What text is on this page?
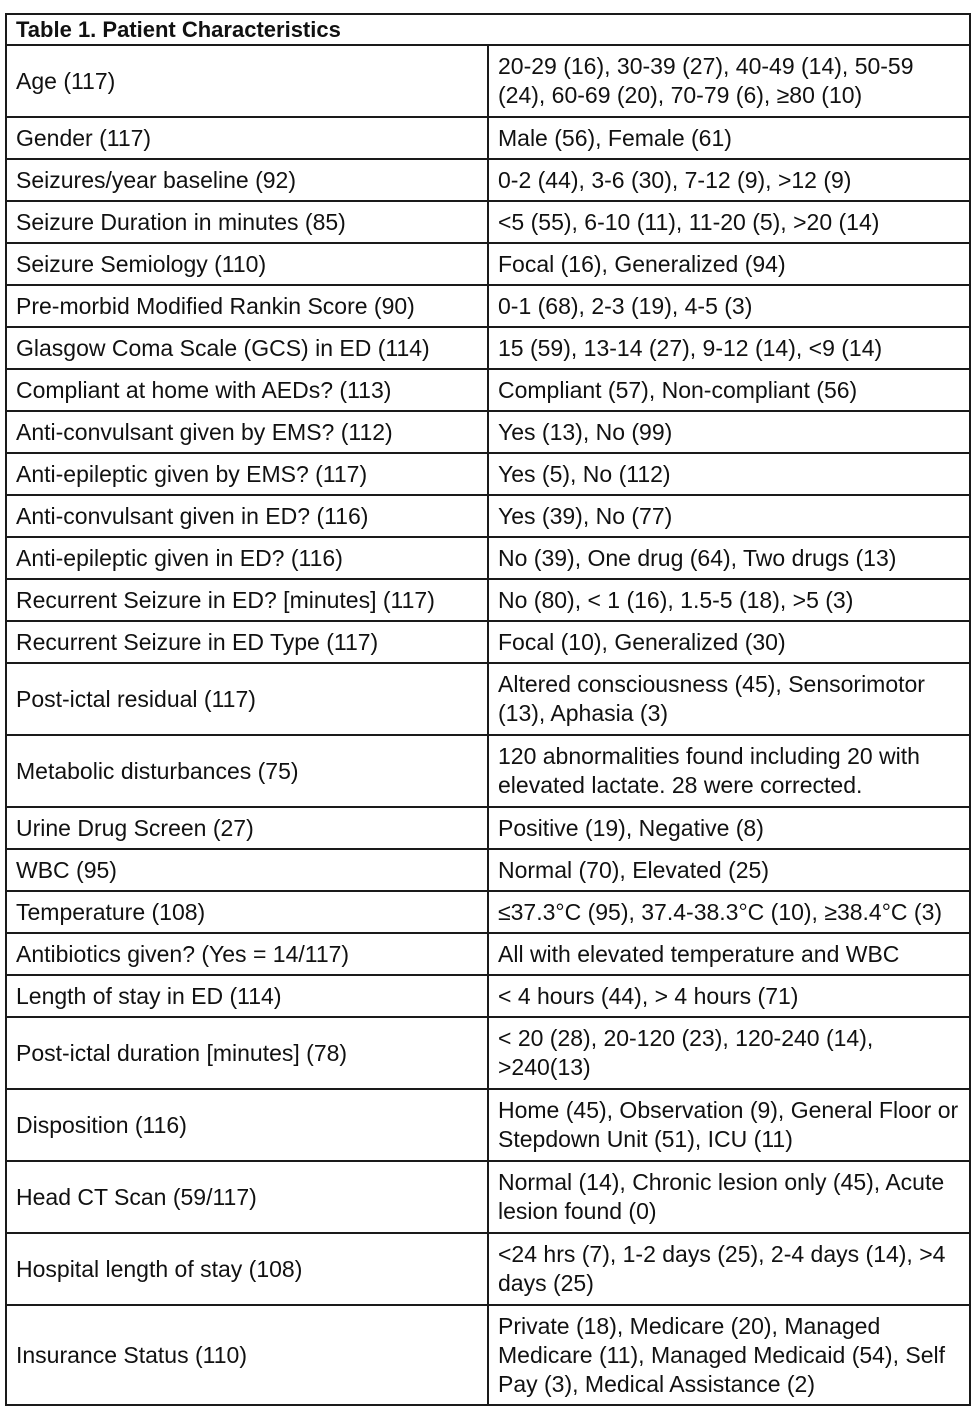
Table 1. Patient Characteristics	
Age (117)	20-29 (16), 30-39 (27), 40-49 (14), 50-59 (24), 60-69 (20), 70-79 (6), ≥80 (10)
Gender (117)	Male (56), Female (61)
Seizures/year baseline (92)	0-2 (44), 3-6 (30), 7-12 (9), >12 (9)
Seizure Duration in minutes (85)	<5 (55), 6-10 (11), 11-20 (5), >20 (14)
Seizure Semiology (110)	Focal (16), Generalized (94)
Pre-morbid Modified Rankin Score (90)	0-1 (68), 2-3 (19), 4-5 (3)
Glasgow Coma Scale (GCS) in ED (114)	15 (59), 13-14 (27), 9-12 (14), <9 (14)
Compliant at home with AEDs? (113)	Compliant (57), Non-compliant (56)
Anti-convulsant given by EMS? (112)	Yes (13), No (99)
Anti-epileptic given by EMS? (117)	Yes (5), No (112)
Anti-convulsant given in ED? (116)	Yes (39), No (77)
Anti-epileptic given in ED? (116)	No (39), One drug (64), Two drugs (13)
Recurrent Seizure in ED? [minutes] (117)	No (80), < 1 (16), 1.5-5 (18), >5 (3)
Recurrent Seizure in ED Type (117)	Focal (10), Generalized (30)
Post-ictal residual (117)	Altered consciousness (45), Sensorimotor (13), Aphasia (3)
Metabolic disturbances (75)	120 abnormalities found including 20 with elevated lactate. 28 were corrected.
Urine Drug Screen (27)	Positive (19), Negative (8)
WBC (95)	Normal (70), Elevated (25)
Temperature (108)	≤37.3°C (95), 37.4-38.3°C (10), ≥38.4°C (3)
Antibiotics given? (Yes = 14/117)	All with elevated temperature and WBC
Length of stay in ED (114)	< 4 hours (44), > 4 hours (71)
Post-ictal duration [minutes] (78)	< 20 (28), 20-120 (23), 120-240 (14), >240(13)
Disposition (116)	Home (45), Observation (9), General Floor or Stepdown Unit (51), ICU (11)
Head CT Scan (59/117)	Normal (14), Chronic lesion only (45), Acute lesion found (0)
Hospital length of stay (108)	<24 hrs (7), 1-2 days (25), 2-4 days (14), >4 days (25)
Insurance Status (110)	Private (18), Medicare (20), Managed Medicare (11), Managed Medicaid (54), Self Pay (3), Medical Assistance (2)
